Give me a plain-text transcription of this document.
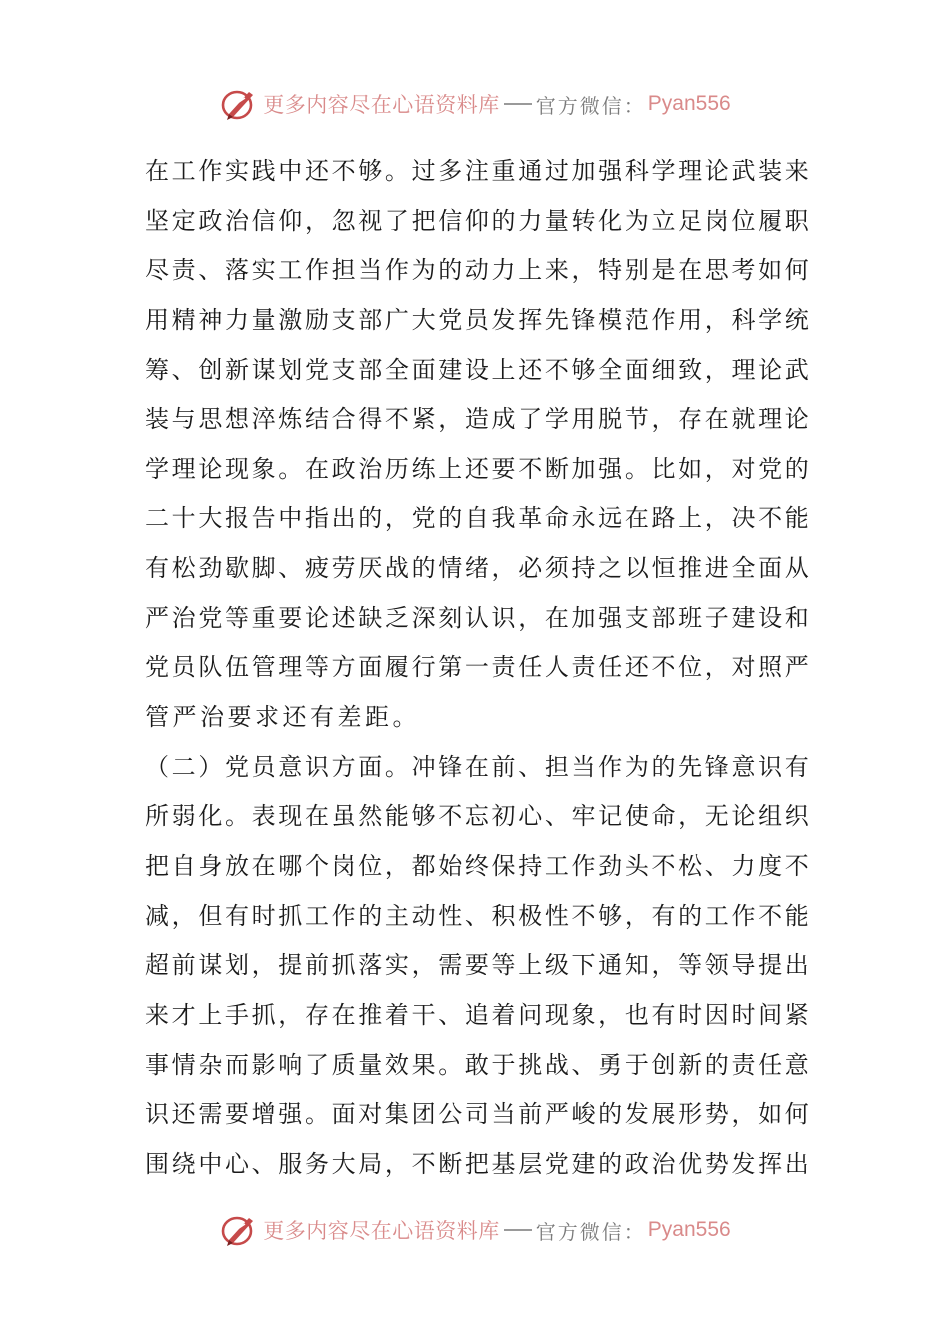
更多内容尽在心语资料库 官方微信： Pyan556
在 工 作 实 践 中 还 不 够 。 过 多 注 重 通 过 加 强 科 学 理 论 武 装 来
坚 定 政 治 信 仰 ， 忽 视 了 把 信 仰 的 力 量 转 化 为 立 足 岗 位 履 职
尽 责 、 落 实 工 作 担 当 作 为 的 动 力 上 来 ， 特 别 是 在 思 考 如 何
用 精 神 力 量 激 励 支 部 广 大 党 员 发 挥 先 锋 模 范 作 用 ， 科 学 统
筹 、 创 新 谋 划 党 支 部 全 面 建 设 上 还 不 够 全 面 细 致 ， 理 论 武
装 与 思 想 淬 炼 结 合 得 不 紧 ， 造 成 了 学 用 脱 节 ， 存 在 就 理 论
学 理 论 现 象 。 在 政 治 历 练 上 还 要 不 断 加 强 。 比 如 ， 对 党 的
二 十 大 报 告 中 指 出 的 ， 党 的 自 我 革 命 永 远 在 路 上 ， 决 不 能
有 松 劲 歇 脚 、 疲 劳 厌 战 的 情 绪 ， 必 须 持 之 以 恒 推 进 全 面 从
严 治 党 等 重 要 论 述 缺 乏 深 刻 认 识 ， 在 加 强 支 部 班 子 建 设 和
党 员 队 伍 管 理 等 方 面 履 行 第 一 责 任 人 责 任 还 不 位 ， 对 照 严
管严治要求还有差距。
（ 二 ） 党 员 意 识 方 面 。 冲 锋 在 前 、 担 当 作 为 的 先 锋 意 识 有
所 弱 化 。 表 现 在 虽 然 能 够 不 忘 初 心 、 牢 记 使 命 ， 无 论 组 织
把 自 身 放 在 哪 个 岗 位 ， 都 始 终 保 持 工 作 劲 头 不 松 、 力 度 不
减 ， 但 有 时 抓 工 作 的 主 动 性 、 积 极 性 不 够 ， 有 的 工 作 不 能
超 前 谋 划 ， 提 前 抓 落 实 ， 需 要 等 上 级 下 通 知 ， 等 领 导 提 出
来 才 上 手 抓 ， 存 在 推 着 干 、 追 着 问 现 象 ， 也 有 时 因 时 间 紧
事 情 杂 而 影 响 了 质 量 效 果 。 敢 于 挑 战 、 勇 于 创 新 的 责 任 意
识 还 需 要 增 强 。 面 对 集 团 公 司 当 前 严 峻 的 发 展 形 势 ， 如 何
围 绕 中 心 、 服 务 大 局 ， 不 断 把 基 层 党 建 的 政 治 优 势 发 挥 出
更多内容尽在心语资料库 官方微信： Pyan556
